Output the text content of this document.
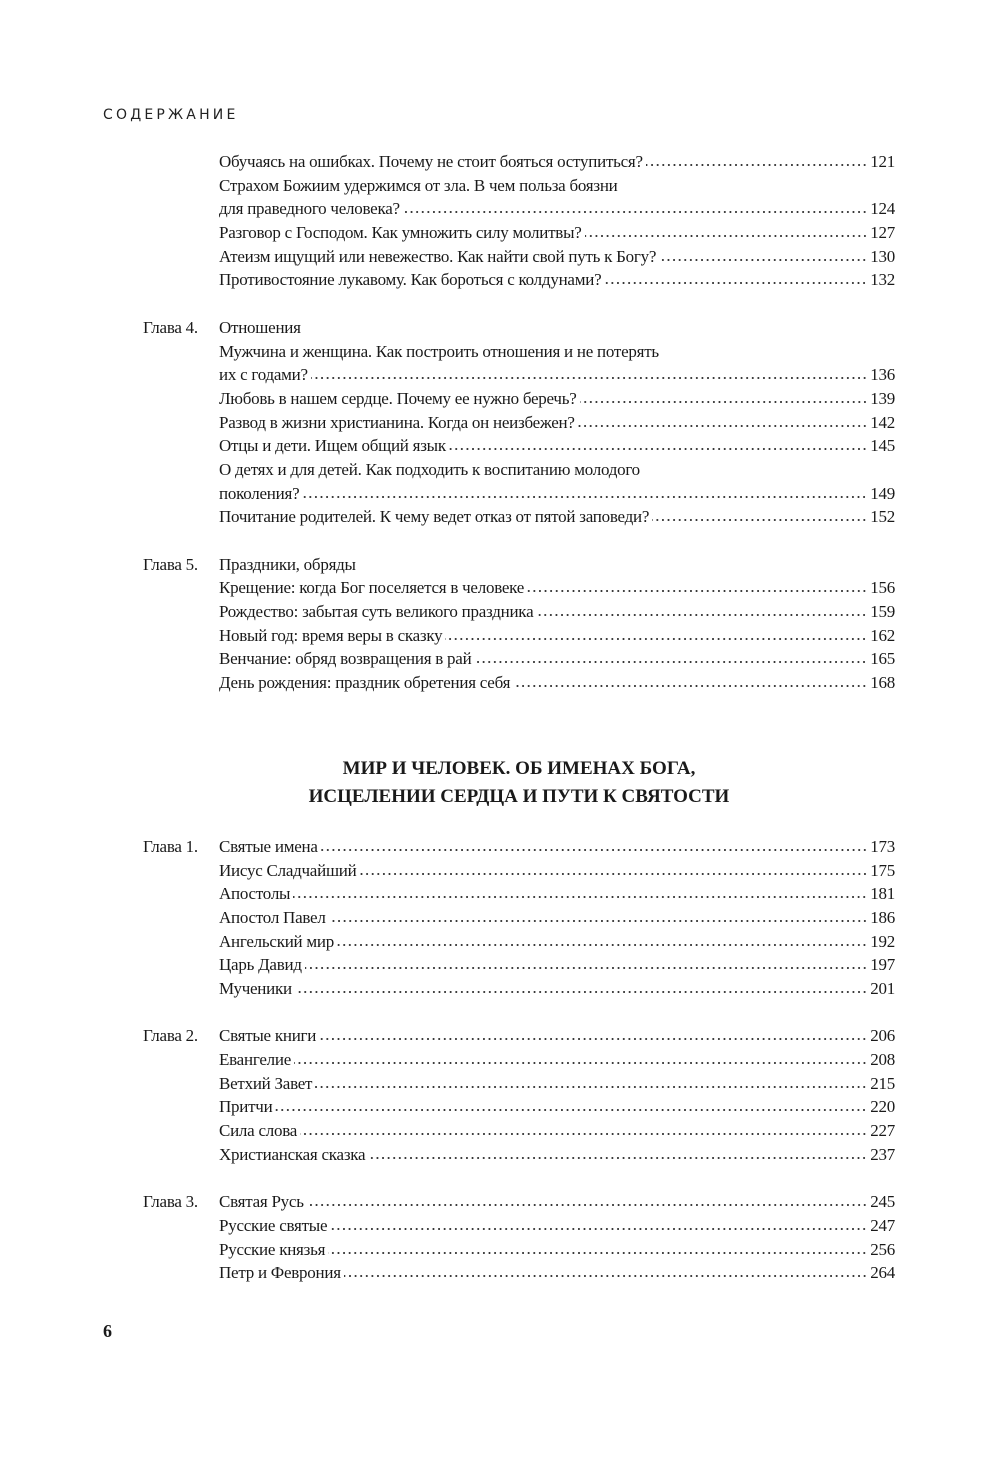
СОДЕРЖАНИЕ
Обучаясь на ошибках. Почему не стоит бояться оступиться?	121
Страхом Божиим удержимся от зла. В чем польза боязни
для праведного человека?	124
Разговор с Господом. Как умножить силу молитвы?	127
Атеизм ищущий или невежество. Как найти свой путь к Богу?	130
Противостояние лукавому. Как бороться с колдунами?	132
Глава 4.	Отношения
Мужчина и женщина. Как построить отношения и не потерять
их с годами?	136
Любовь в нашем сердце. Почему ее нужно беречь?	139
Развод в жизни христианина. Когда он неизбежен?	142
Отцы и дети. Ищем общий язык	145
О детях и для детей. Как подходить к воспитанию молодого
поколения?	149
Почитание родителей. К чему ведет отказ от пятой заповеди?	152
Глава 5.	Праздники, обряды
Крещение: когда Бог поселяется в человеке	156
Рождество: забытая суть великого праздника	159
Новый год: время веры в сказку	162
Венчание: обряд возвращения в рай	165
День рождения: праздник обретения себя	168
МИР И ЧЕЛОВЕК. ОБ ИМЕНАХ БОГА,
ИСЦЕЛЕНИИ СЕРДЦА И ПУТИ К СВЯТОСТИ
Глава 1.	Святые имена	173
Иисус Сладчайший	175
Апостолы	181
Апостол Павел	186
Ангельский мир	192
Царь Давид	197
Мученики	201
Глава 2.	Святые книги	206
Евангелие	208
Ветхий Завет	215
Притчи	220
Сила слова	227
Христианская сказка	237
Глава 3.	Святая Русь	245
Русские святые	247
Русские князья	256
Петр и Феврония	264
6
